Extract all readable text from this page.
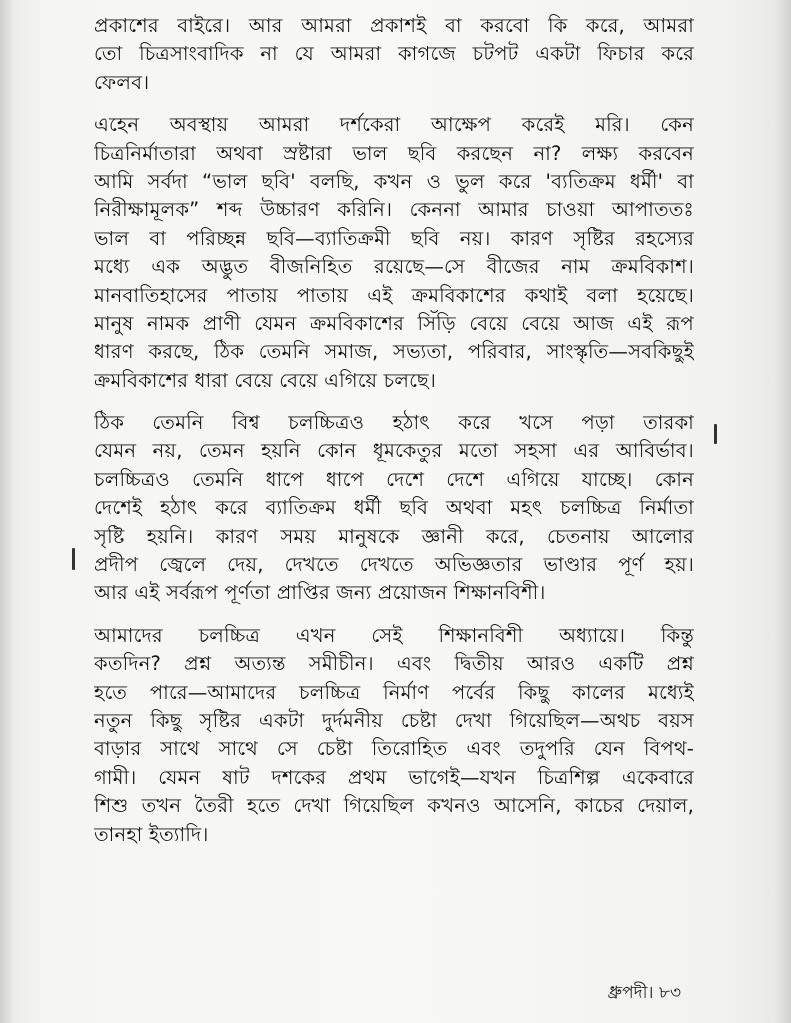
প্রকাশের বাইরে। আর আমরা প্রকাশই বা করবো কি করে, আমরা
তো চিত্রসাংবাদিক না যে আমরা কাগজে চটপট একটা ফিচার করে
ফেলব।
এহেন অবস্থায় আমরা দর্শকেরা আক্ষেপ করেই মরি। কেন
চিত্রনির্মাতারা অথবা স্রষ্টারা ভাল ছবি করছেন না? লক্ষ্য করবেন
আমি সর্বদা “ভাল ছবি' বলছি, কখন ও ভুল করে 'ব্যতিক্রম ধর্মী' বা
নিরীক্ষামূলক” শব্দ উচ্চারণ করিনি। কেননা আমার চাওয়া আপাততঃ
ভাল বা পরিচ্ছন্ন ছবি—ব্যাতিক্রমী ছবি নয়। কারণ সৃষ্টির রহস্যের
মধ্যে এক অদ্ভুত বীজনিহিত রয়েছে—সে বীজের নাম ক্রমবিকাশ।
মানবাতিহাসের পাতায় পাতায় এই ক্রমবিকাশের কথাই বলা হয়েছে।
মানুষ নামক প্রাণী যেমন ক্রমবিকাশের সিঁড়ি বেয়ে বেয়ে আজ এই রূপ
ধারণ করছে, ঠিক তেমনি সমাজ, সভ্যতা, পরিবার, সাংস্কৃতি—সবকিছুই
ক্রমবিকাশের ধারা বেয়ে বেয়ে এগিয়ে চলছে।
ঠিক তেমনি বিশ্ব চলচ্চিত্রও হঠাৎ করে খসে পড়া তারকা
যেমন নয়, তেমন হয়নি কোন ধূমকেতুর মতো সহসা এর আবির্ভাব।
চলচ্চিত্রও তেমনি ধাপে ধাপে দেশে দেশে এগিয়ে যাচ্ছে। কোন
দেশেই হঠাৎ করে ব্যাতিক্রম ধর্মী ছবি অথবা মহৎ চলচ্চিত্র নির্মাতা
সৃষ্টি হয়নি। কারণ সময় মানুষকে জ্ঞানী করে, চেতনায় আলোর
প্রদীপ জ্বেলে দেয়, দেখতে দেখতে অভিজ্ঞতার ভাণ্ডার পূর্ণ হয়।
আর এই সর্বরূপ পূর্ণতা প্রাপ্তির জন্য প্রয়োজন শিক্ষানবিশী।
আমাদের চলচ্চিত্র এখন সেই শিক্ষানবিশী অধ্যায়ে। কিন্তু
কতদিন? প্রশ্ন অত্যন্ত সমীচীন। এবং দ্বিতীয় আরও একটি প্রশ্ন
হতে পারে—আমাদের চলচ্চিত্র নির্মাণ পর্বের কিছু কালের মধ্যেই
নতুন কিছু সৃষ্টির একটা দুর্দমনীয় চেষ্টা দেখা গিয়েছিল—অথচ বয়স
বাড়ার সাথে সাথে সে চেষ্টা তিরোহিত এবং তদুপরি যেন বিপথ-
গামী। যেমন ষাট দশকের প্রথম ভাগেই—যখন চিত্রশিল্প একেবারে
শিশু তখন তৈরী হতে দেখা গিয়েছিল কখনও আসেনি, কাচের দেয়াল,
তানহা ইত্যাদি।
ধ্রুপদী। ৮৩
